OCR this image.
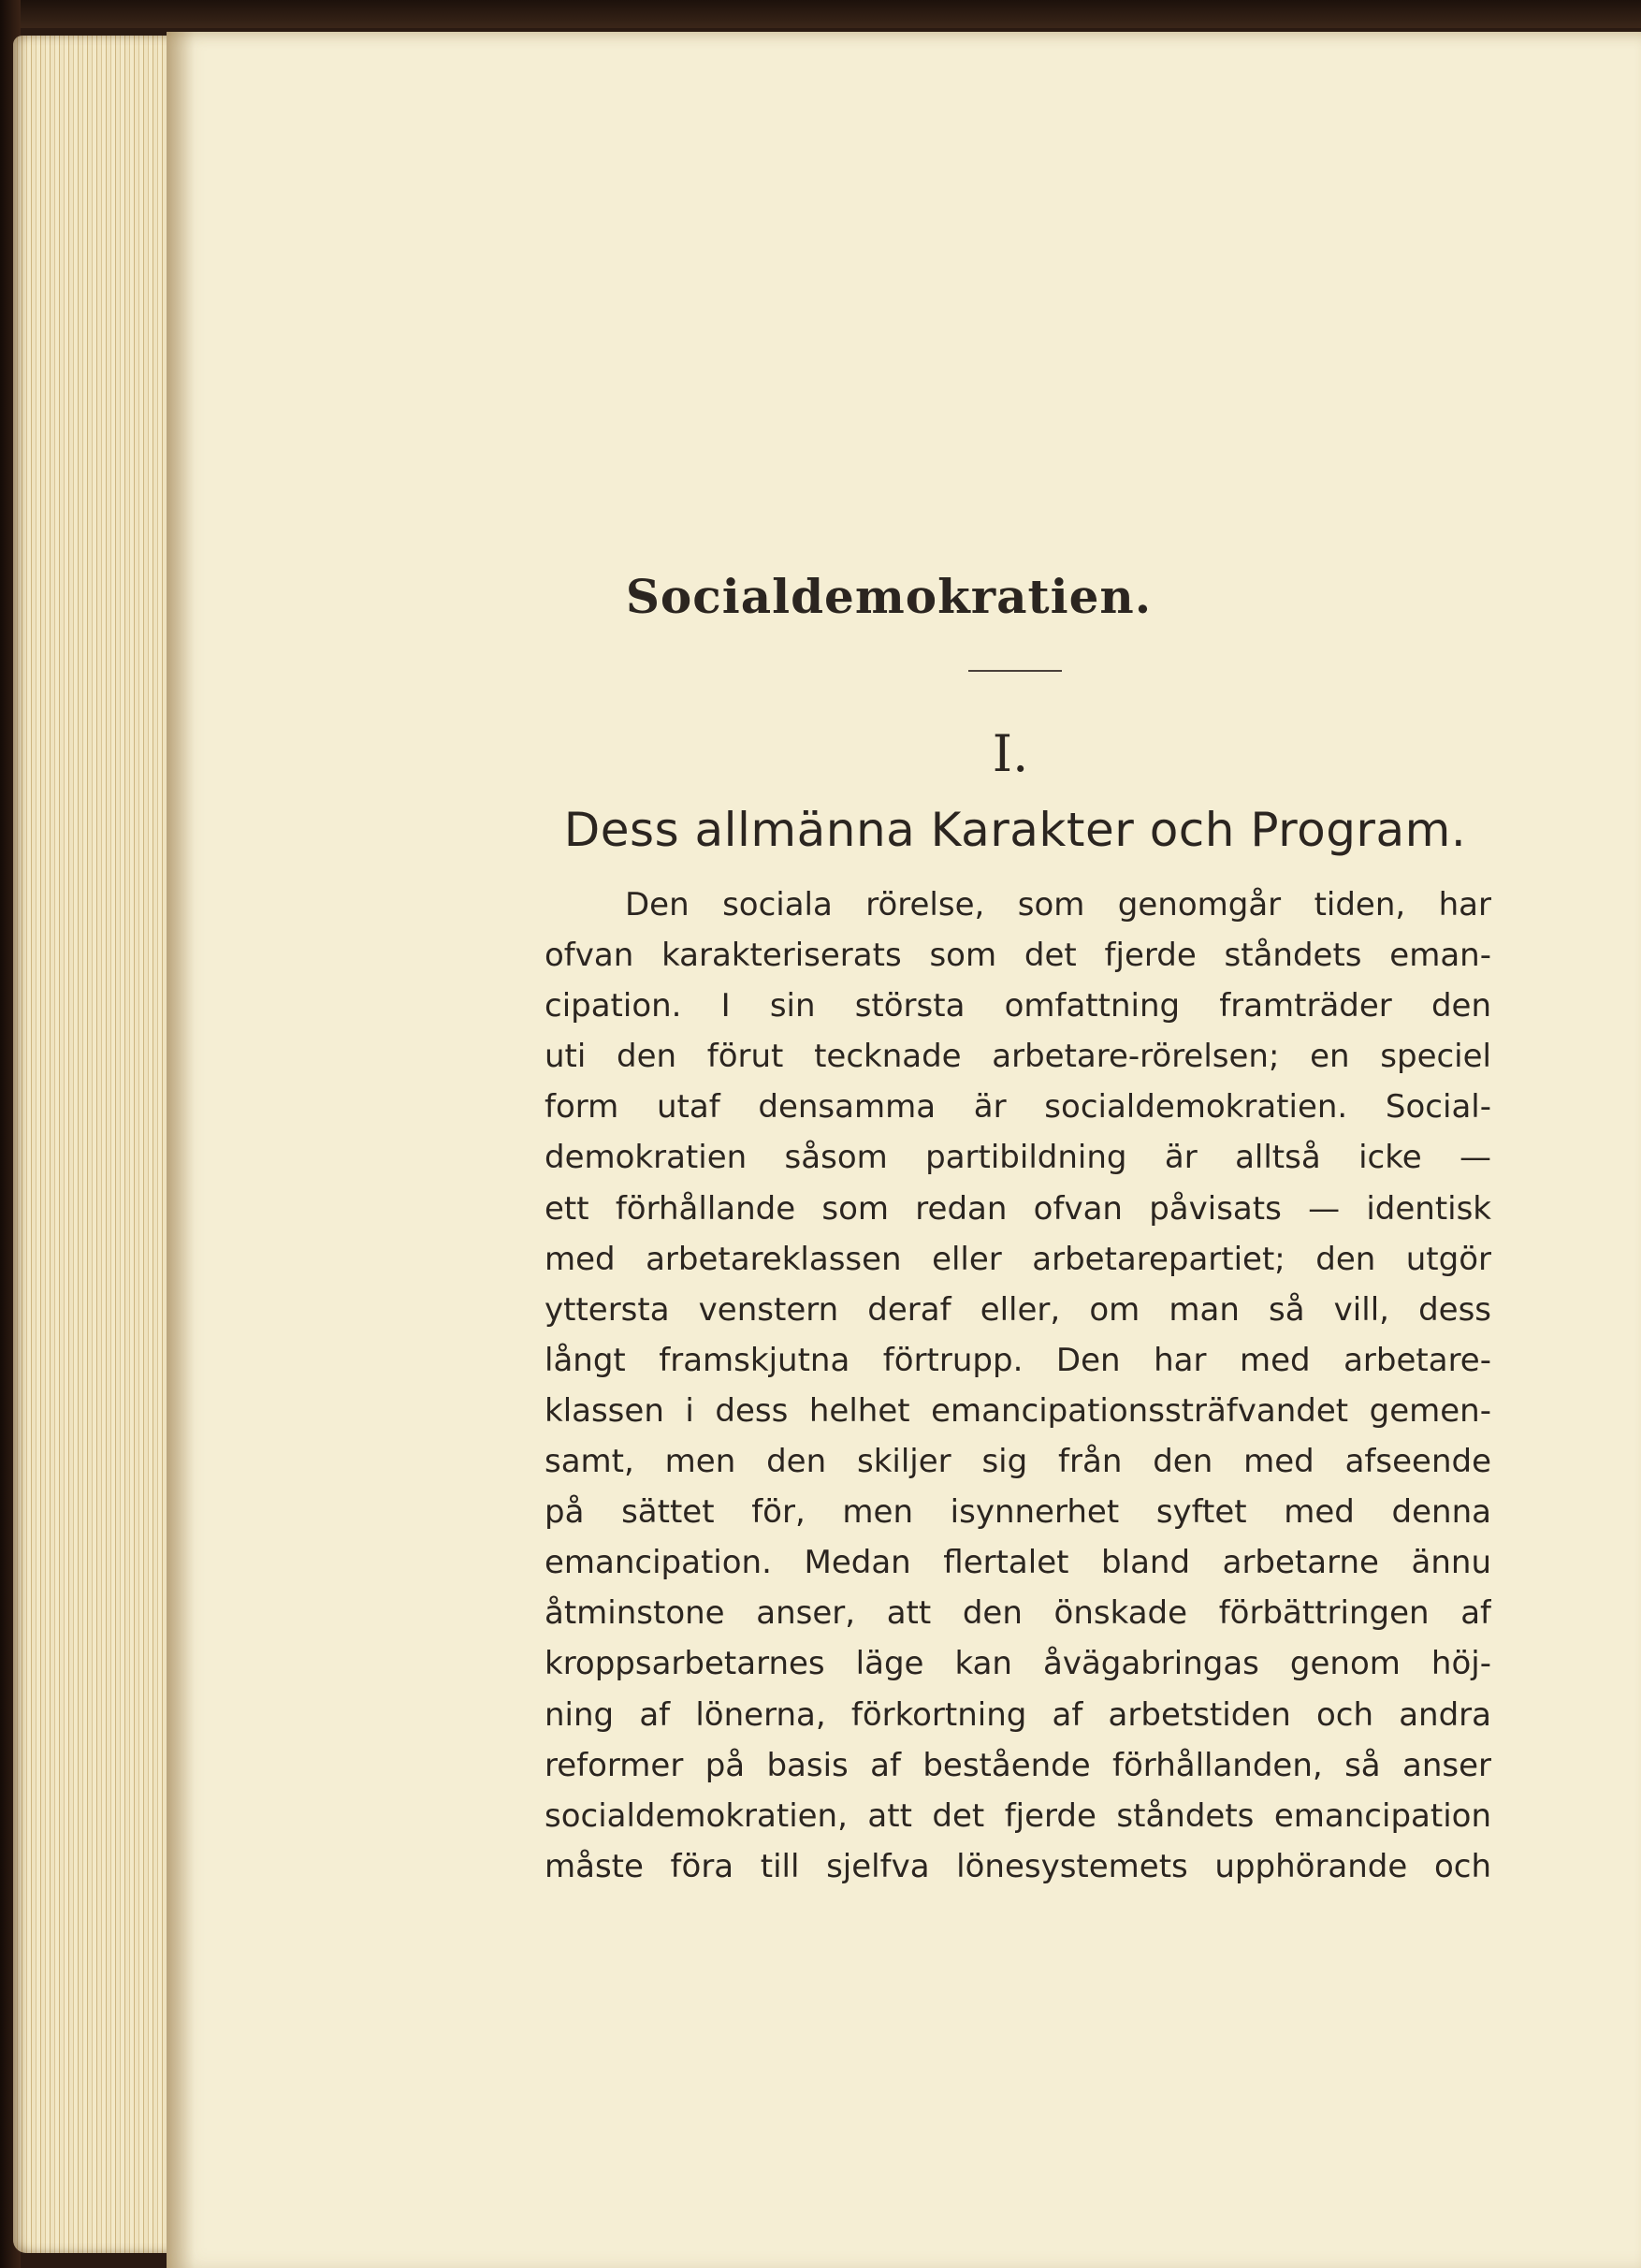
Socialdemokratien.
I.
Dess allmänna Karakter och Program.
Den sociala rörelse, som genomgår tiden, har
ofvan karakteriserats som det fjerde ståndets eman-
cipation. I sin största omfattning framträder den
uti den förut tecknade arbetare-rörelsen; en speciel
form utaf densamma är socialdemokratien. Social-
demokratien såsom partibildning är alltså icke —
ett förhållande som redan ofvan påvisats — identisk
med arbetareklassen eller arbetarepartiet; den utgör
yttersta venstern deraf eller, om man så vill, dess
långt framskjutna förtrupp. Den har med arbetare-
klassen i dess helhet emancipationssträfvandet gemen-
samt, men den skiljer sig från den med afseende
på sättet för, men isynnerhet syftet med denna
emancipation. Medan flertalet bland arbetarne ännu
åtminstone anser, att den önskade förbättringen af
kroppsarbetarnes läge kan åvägabringas genom höj-
ning af lönerna, förkortning af arbetstiden och andra
reformer på basis af bestående förhållanden, så anser
socialdemokratien, att det fjerde ståndets emancipation
måste föra till sjelfva lönesystemets upphörande och
